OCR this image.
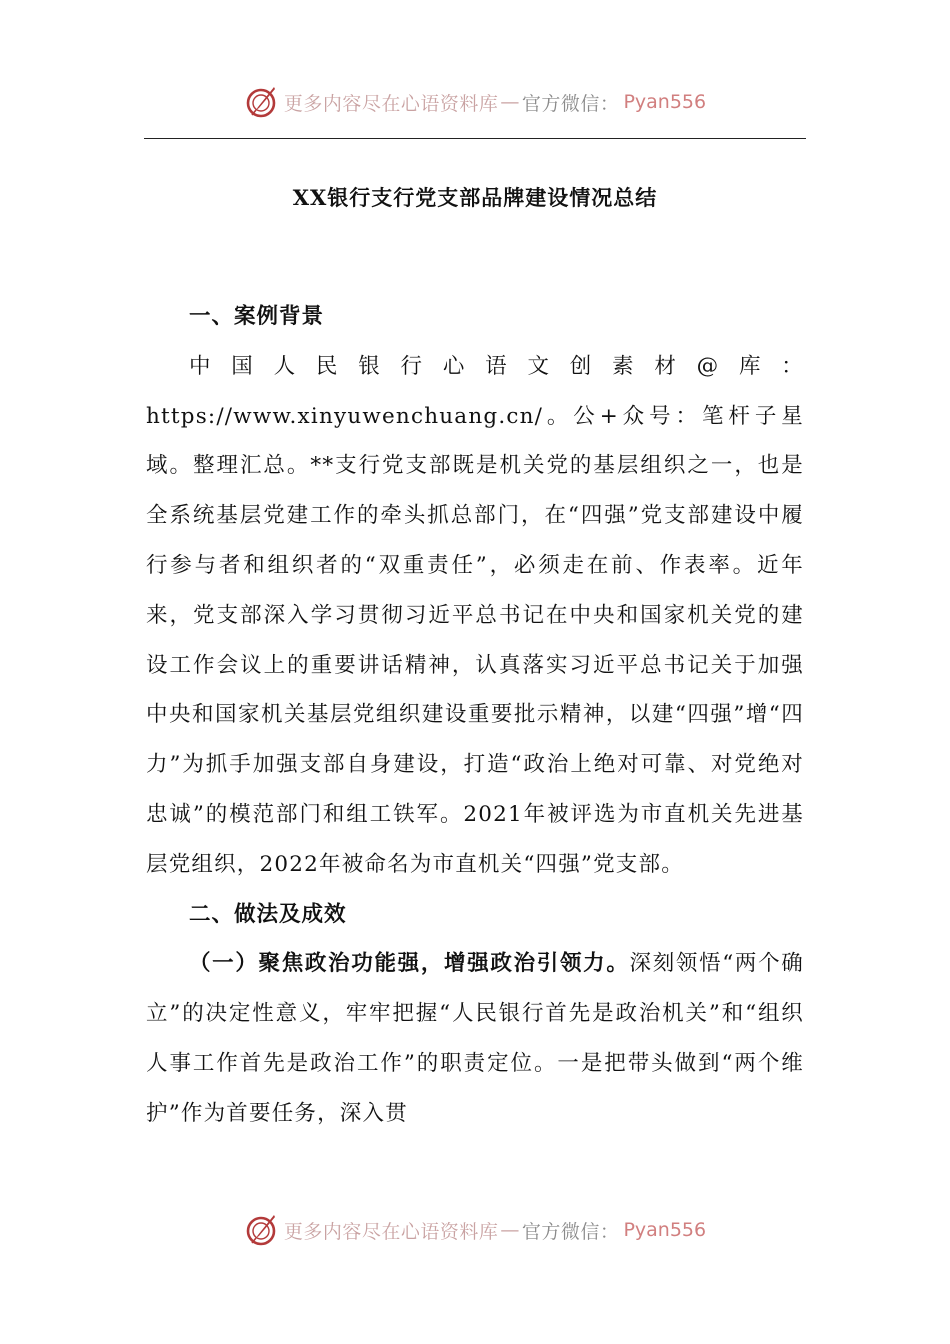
更多内容尽在心语资料库 — 官方微信： Pyan556
XX银行支行党支部品牌建设情况总结

一、案例背景

中国人民银行心语文创素材@库：https://www.xinyuwenchuang.cn/。公+众号：笔杆子星域。整理汇总。**支行党支部既是机关党的基层组织之一，也是全系统基层党建工作的牵头抓总部门，在“四强”党支部建设中履行参与者和组织者的“双重责任”，必须走在前、作表率。近年来，党支部深入学习贯彻习近平总书记在中央和国家机关党的建设工作会议上的重要讲话精神，认真落实习近平总书记关于加强中央和国家机关基层党组织建设重要批示精神，以建“四强”增“四力”为抓手加强支部自身建设，打造“政治上绝对可靠、对党绝对忠诚”的模范部门和组工铁军。2021年被评选为市直机关先进基层党组织，2022年被命名为市直机关“四强”党支部。

二、做法及成效

（一）聚焦政治功能强，增强政治引领力。深刻领悟“两个确立”的决定性意义，牢牢把握“人民银行首先是政治机关”和“组织人事工作首先是政治工作”的职责定位。一是把带头做到“两个维护”作为首要任务，深入贯

更多内容尽在心语资料库 — 官方微信： Pyan556
